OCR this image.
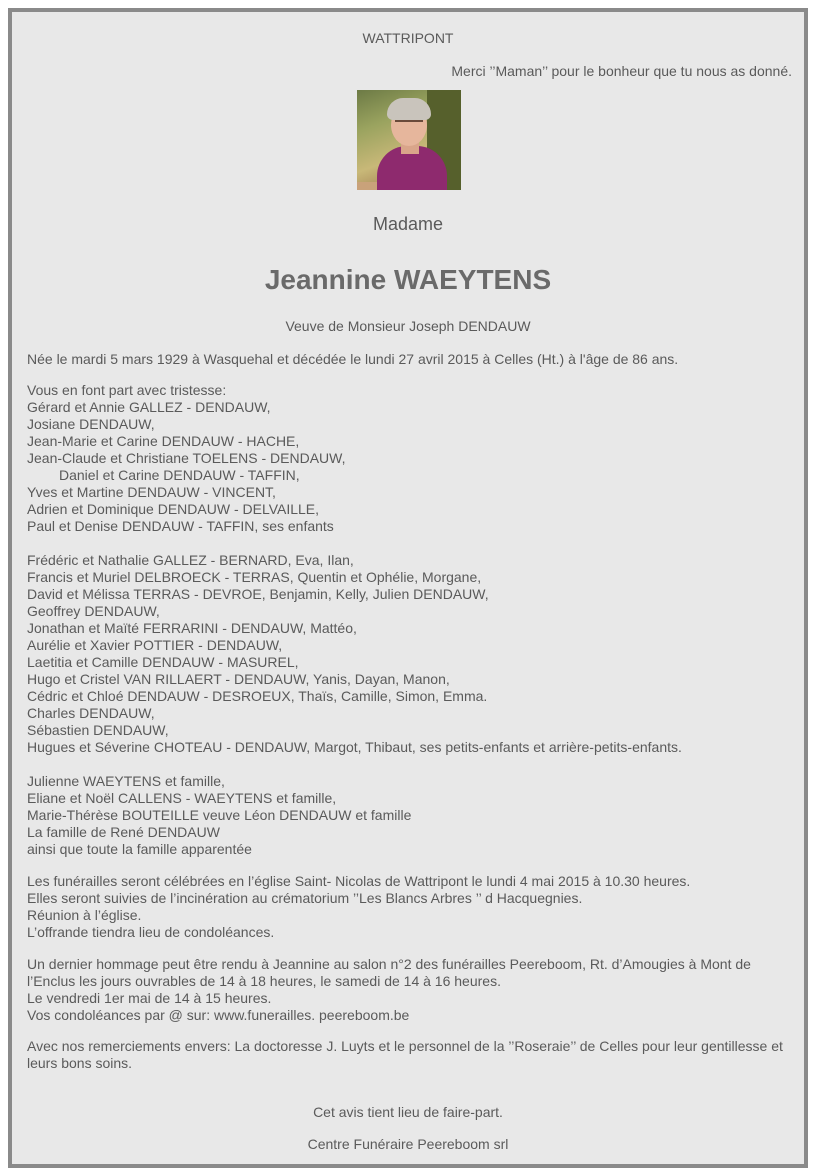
WATTRIPONT
Merci ’’Maman’’ pour le bonheur que tu nous as donné.
Madame
Jeannine WAEYTENS
Veuve de Monsieur Joseph DENDAUW
Née le mardi 5 mars 1929 à Wasquehal et décédée le lundi 27 avril 2015 à Celles (Ht.) à l'âge de 86 ans.
Vous en font part avec tristesse:
Gérard et Annie GALLEZ - DENDAUW,
Josiane DENDAUW,
Jean-Marie et Carine DENDAUW - HACHE,
Jean-Claude et Christiane TOELENS - DENDAUW,
Daniel et Carine DENDAUW - TAFFIN,
Yves et Martine DENDAUW - VINCENT,
Adrien et Dominique DENDAUW - DELVAILLE,
Paul et Denise DENDAUW - TAFFIN, ses enfants
Frédéric et Nathalie GALLEZ - BERNARD, Eva, Ilan,
Francis et Muriel DELBROECK - TERRAS, Quentin et Ophélie, Morgane,
David et Mélissa TERRAS - DEVROE, Benjamin, Kelly, Julien DENDAUW,
Geoffrey DENDAUW,
Jonathan et Maïté FERRARINI - DENDAUW, Mattéo,
Aurélie et Xavier POTTIER - DENDAUW,
Laetitia et Camille DENDAUW - MASUREL,
Hugo et Cristel VAN RILLAERT - DENDAUW, Yanis, Dayan, Manon,
Cédric et Chloé DENDAUW - DESROEUX, Thaïs, Camille, Simon, Emma.
Charles DENDAUW,
Sébastien DENDAUW,
Hugues et Séverine CHOTEAU - DENDAUW, Margot, Thibaut, ses petits-enfants et arrière-petits-enfants.
Julienne WAEYTENS et famille,
Eliane et Noël CALLENS - WAEYTENS et famille,
Marie-Thérèse BOUTEILLE veuve Léon DENDAUW et famille
La famille de René DENDAUW
ainsi que toute la famille apparentée
Les funérailles seront célébrées en l’église Saint- Nicolas de Wattripont le lundi 4 mai 2015 à 10.30 heures.
Elles seront suivies de l’incinération au crématorium ’’Les Blancs Arbres ’’ d Hacquegnies.
Réunion à l’église.
L’offrande tiendra lieu de condoléances.
Un dernier hommage peut être rendu à Jeannine au salon n°2 des funérailles Peereboom, Rt. d’Amougies à Mont de l’Enclus les jours ouvrables de 14 à 18 heures, le samedi de 14 à 16 heures.
Le vendredi 1er mai de 14 à 15 heures.
Vos condoléances par @ sur: www.funerailles. peereboom.be
Avec nos remerciements envers: La doctoresse J. Luyts et le personnel de la ’’Roseraie’’ de Celles pour leur gentillesse et leurs bons soins.
Cet avis tient lieu de faire-part.
Centre Funéraire Peereboom srl
